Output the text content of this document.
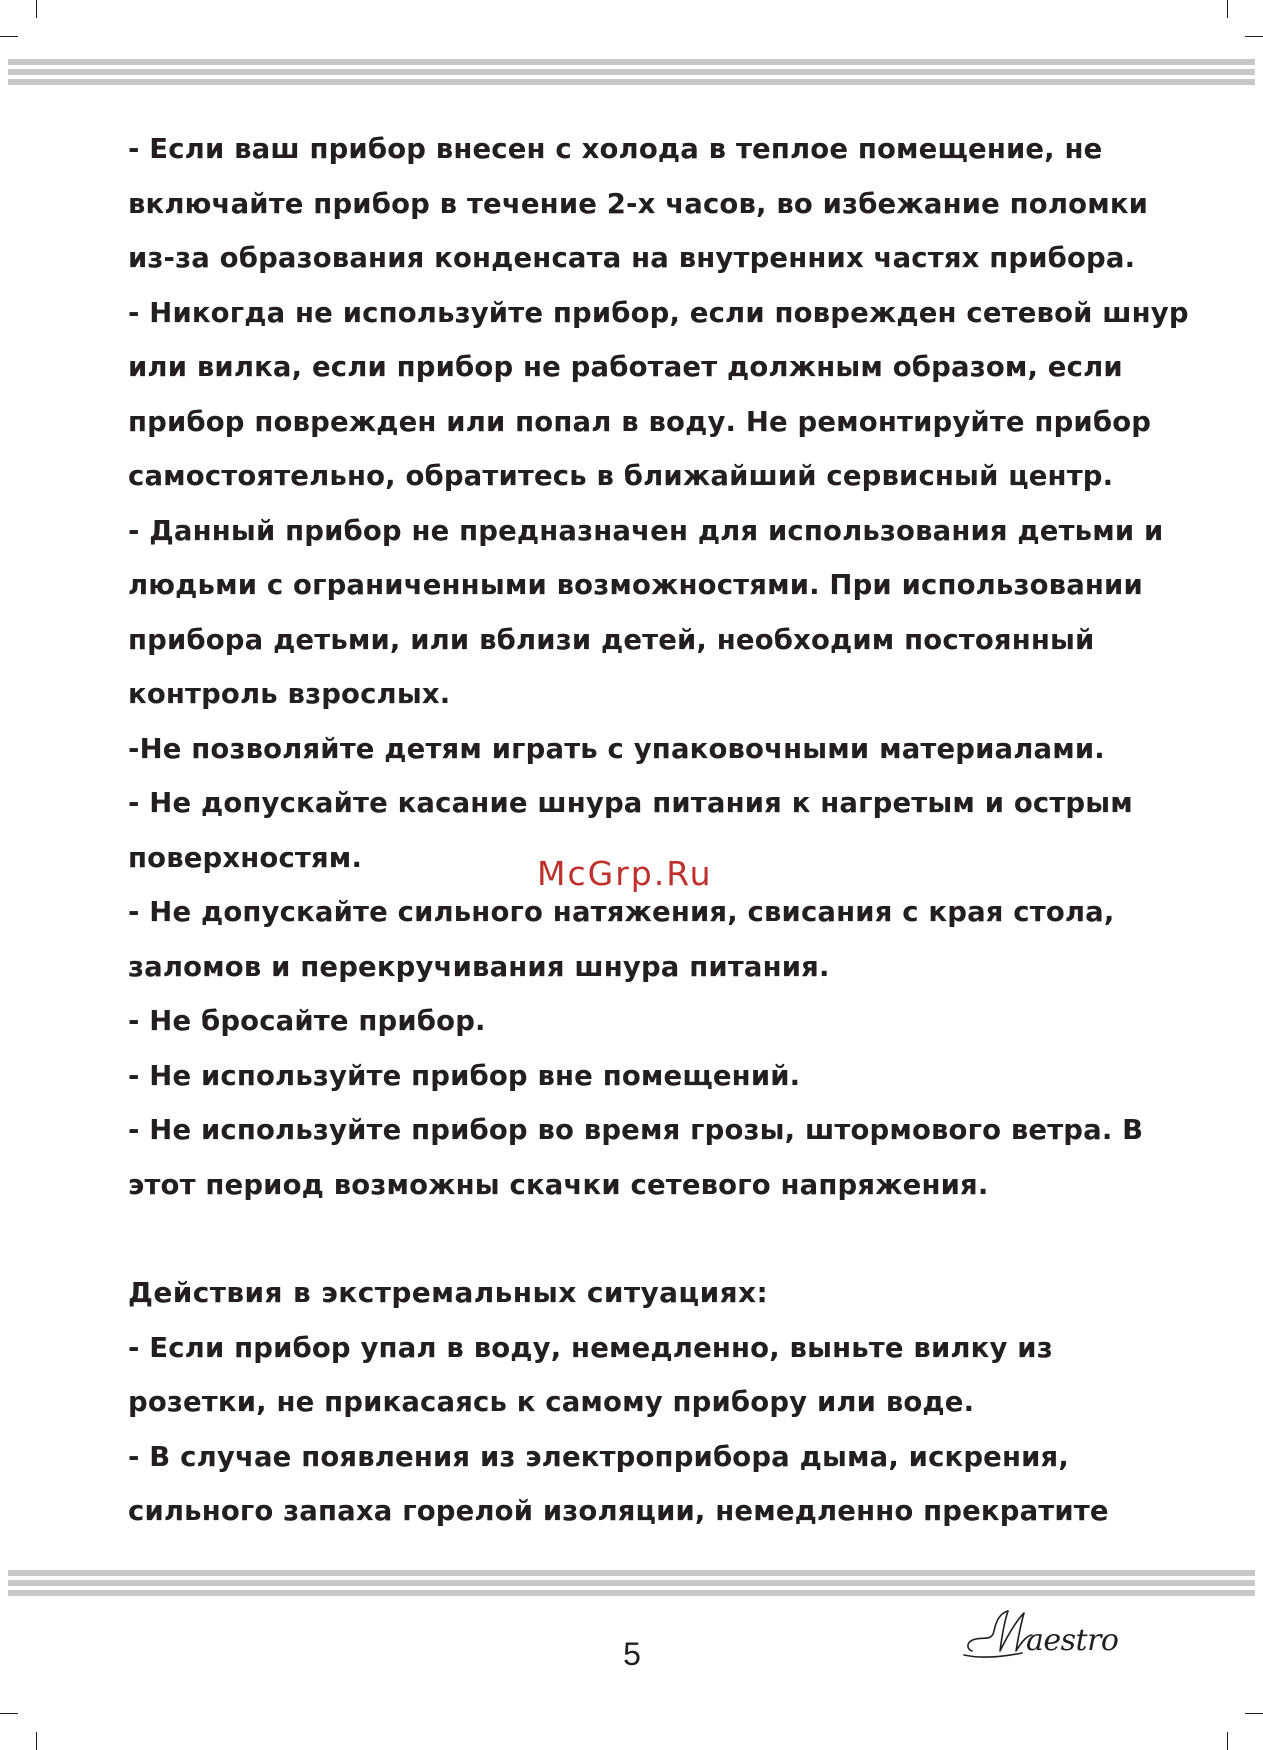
- Если ваш прибор внесен с холода в теплое помещение, не

включайте прибор в течение 2-х часов, во избежание поломки

из-за образования конденсата на внутренних частях прибора.

- Никогда не используйте прибор, если поврежден сетевой шнур

или вилка, если прибор не работает должным образом, если

прибор поврежден или попал в воду. Не ремонтируйте прибор

самостоятельно, обратитесь в ближайший сервисный центр.

- Данный прибор не предназначен для использования детьми и

людьми с ограниченными возможностями. При использовании

прибора детьми, или вблизи детей, необходим постоянный

контроль взрослых.

-Не позволяйте детям играть с упаковочными материалами.

- Не допускайте касание шнура питания к нагретым и острым

поверхностям.

- Не допускайте сильного натяжения, свисания с края стола,

заломов и перекручивания шнура питания.

- Не бросайте прибор.

- Не используйте прибор вне помещений.

- Не используйте прибор во время грозы, штормового ветра. В

этот период возможны скачки сетевого напряжения.

Действия в экстремальных ситуациях:

- Если прибор упал в воду, немедленно, выньте вилку из

розетки, не прикасаясь к самому прибору или воде.

- В случае появления из электроприбора дыма, искрения,

сильного запаха горелой изоляции, немедленно прекратите

McGrp.Ru
5	aestro
